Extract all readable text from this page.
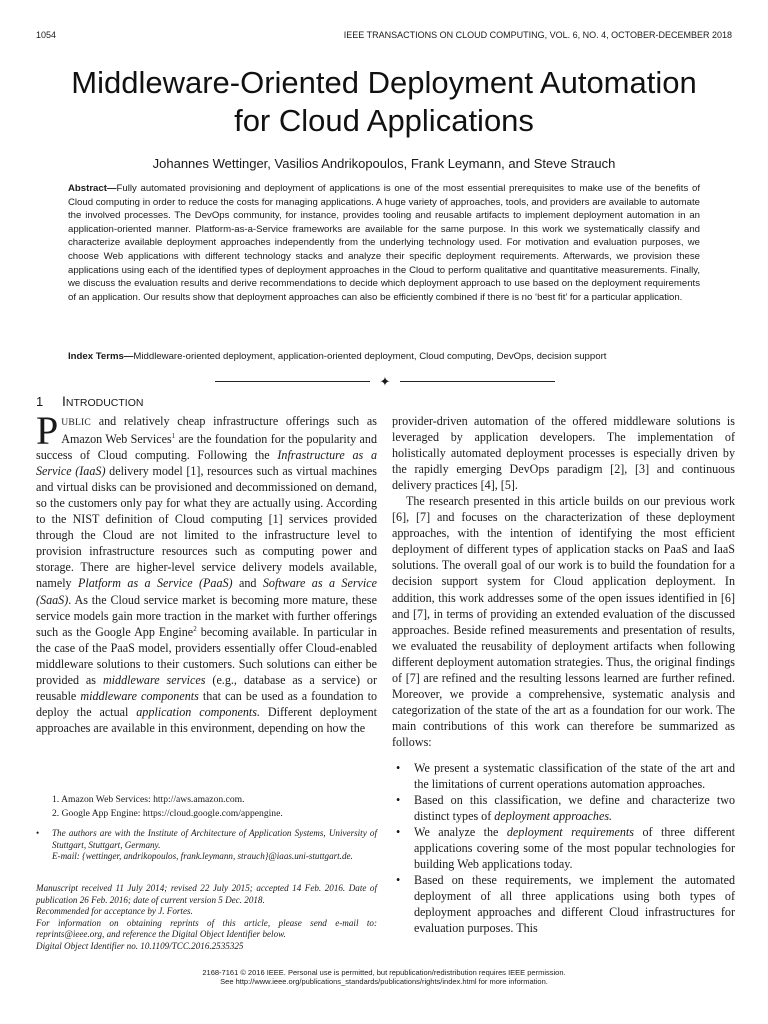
1054	IEEE TRANSACTIONS ON CLOUD COMPUTING, VOL. 6, NO. 4, OCTOBER-DECEMBER 2018
Middleware-Oriented Deployment Automation
for Cloud Applications
Johannes Wettinger, Vasilios Andrikopoulos, Frank Leymann, and Steve Strauch
Abstract—Fully automated provisioning and deployment of applications is one of the most essential prerequisites to make use of the benefits of Cloud computing in order to reduce the costs for managing applications. A huge variety of approaches, tools, and providers are available to automate the involved processes. The DevOps community, for instance, provides tooling and reusable artifacts to implement deployment automation in an application-oriented manner. Platform-as-a-Service frameworks are available for the same purpose. In this work we systematically classify and characterize available deployment approaches independently from the underlying technology used. For motivation and evaluation purposes, we choose Web applications with different technology stacks and analyze their specific deployment requirements. Afterwards, we provision these applications using each of the identified types of deployment approaches in the Cloud to perform qualitative and quantitative measurements. Finally, we discuss the evaluation results and derive recommendations to decide which deployment approach to use based on the deployment requirements of an application. Our results show that deployment approaches can also be efficiently combined if there is no ‘best fit’ for a particular application.
Index Terms—Middleware-oriented deployment, application-oriented deployment, Cloud computing, DevOps, decision support
✦
1 INTRODUCTION
PUBLIC and relatively cheap infrastructure offerings such as Amazon Web Services$^1$ are the foundation for the popularity and success of Cloud computing. Following the Infrastructure as a Service (IaaS) delivery model [1], resources such as virtual machines and virtual disks can be provisioned and decommissioned on demand, so the customers only pay for what they are actually using. According to the NIST definition of Cloud computing [1] services provided through the Cloud are not limited to the infrastructure level to provision infrastructure resources such as computing power and storage. There are higher-level service delivery models available, namely Platform as a Service (PaaS) and Software as a Service (SaaS). As the Cloud service market is becoming more mature, these service models gain more traction in the market with further offerings such as the Google App Engine$^2$ becoming available. In particular in the case of the PaaS model, providers essentially offer Cloud-enabled middleware solutions to their customers. Such solutions can either be provided as middleware services (e.g., database as a service) or reusable middleware components that can be used as a foundation to deploy the actual application components. Different deployment approaches are available in this environment, depending on how the

provider-driven automation of the offered middleware solutions is leveraged by application developers. The implementation of holistically automated deployment processes is especially driven by the rapidly emerging DevOps paradigm [2], [3] and continuous delivery practices [4], [5].

The research presented in this article builds on our previous work [6], [7] and focuses on the characterization of these deployment approaches, with the intention of identifying the most efficient deployment of different types of application stacks on PaaS and IaaS solutions. The overall goal of our work is to build the foundation for a decision support system for Cloud application deployment. In addition, this work addresses some of the open issues identified in [6] and [7], in terms of providing an extended evaluation of the discussed approaches. Beside refined measurements and presentation of results, we evaluated the reusability of deployment artifacts when following different deployment automation strategies. Thus, the original findings of [7] are refined and the resulting lessons learned are further refined. Moreover, we provide a comprehensive, systematic analysis and categorization of the state of the art as a foundation for our work. The main contributions of this work can therefore be summarized as follows:

• We present a systematic classification of the state of the art and the limitations of current operations automation approaches.
• Based on this classification, we define and characterize two distinct types of deployment approaches.
• We analyze the deployment requirements of three different applications covering some of the most popular technologies for building Web applications today.
• Based on these requirements, we implement the automated deployment of all three applications using both types of deployment approaches and different Cloud infrastructures for evaluation purposes. This
1. Amazon Web Services: http://aws.amazon.com.
2. Google App Engine: https://cloud.google.com/appengine.
• The authors are with the Institute of Architecture of Application Systems, University of Stuttgart, Stuttgart, Germany.
E-mail: {wettinger, andrikopoulos, frank.leymann, strauch}@iaas.uni-stuttgart.de.

Manuscript received 11 July 2014; revised 22 July 2015; accepted 14 Feb. 2016. Date of publication 26 Feb. 2016; date of current version 5 Dec. 2018.

Recommended for acceptance by J. Fortes.

For information on obtaining reprints of this article, please send e-mail to: reprints@ieee.org, and reference the Digital Object Identifier below.

Digital Object Identifier no. 10.1109/TCC.2016.2535325

2168-7161 © 2016 IEEE. Personal use is permitted, but republication/redistribution requires IEEE permission.
See http://www.ieee.org/publications_standards/publications/rights/index.html for more information.
